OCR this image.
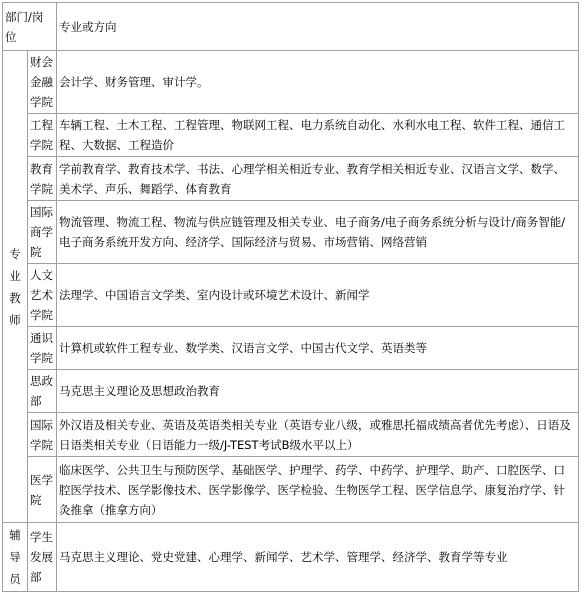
部门/岗位		专业或方向
专业教师	财会金融学院	会计学、财务管理、审计学。
	工程学院	车辆工程、土木工程、工程管理、物联网工程、电力系统自动化、水利水电工程、软件工程、通信工程、大数据、工程造价
	教育学院	学前教育学、教育技术学、书法、心理学相关相近专业、教育学相关相近专业、汉语言文学、数学、美术学、声乐、舞蹈学、体育教育
	国际商学院	物流管理、物流工程、物流与供应链管理及相关专业、电子商务/电子商务系统分析与设计/商务智能/电子商务系统开发方向、经济学、国际经济与贸易、市场营销、网络营销
	人文艺术学院	法理学、中国语言文学类、室内设计或环境艺术设计、新闻学
	通识学院	计算机或软件工程专业、数学类、汉语言文学、中国古代文学、英语类等
	思政部	马克思主义理论及思想政治教育
	国际学院	外汉语及相关专业、英语及英语类相关专业（英语专业八级，或雅思托福成绩高者优先考虑）、日语及日语类相关专业（日语能力一级/J-TEST考试B级水平以上）
	医学院	临床医学、公共卫生与预防医学、基础医学、护理学、药学、中药学、护理学、助产、口腔医学、口腔医学技术、医学影像技术、医学影像学、医学检验、生物医学工程、医学信息学、康复治疗学、针灸推拿（推拿方向）
辅导员	学生发展部	马克思主义理论、党史党建、心理学、新闻学、艺术学、管理学、经济学、教育学等专业
